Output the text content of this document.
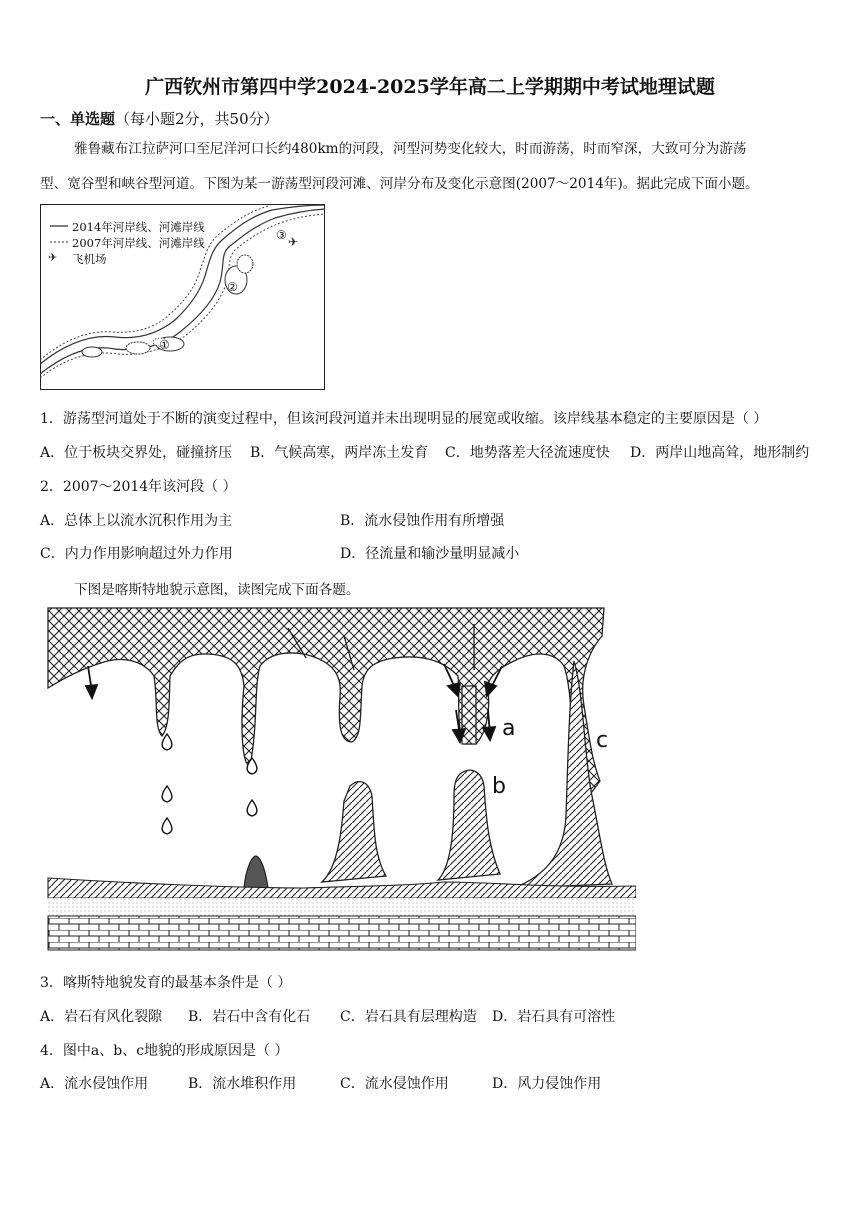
广西钦州市第四中学2024-2025学年高二上学期期中考试地理试题
一、单选题（每小题2分，共50分）
雅鲁藏布江拉萨河口至尼洋河口长约480km的河段，河型河势变化较大，时而游荡，时而窄深，大致可分为游荡
型、宽谷型和峡谷型河道。下图为某一游荡型河段河滩、河岸分布及变化示意图(2007～2014年)。据此完成下面小题。
✈
✈
2014年河岸线、河滩岸线
2007年河岸线、河滩岸线
飞机场
①
②
③
1．游荡型河道处于不断的演变过程中，但该河段河道并未出现明显的展宽或收缩。该岸线基本稳定的主要原因是（ ）
A．位于板块交界处，碰撞挤压 B．气候高寒，两岸冻土发育 C．地势落差大径流速度快 D．两岸山地高耸，地形制约
2．2007～2014年该河段（ ）
A．总体上以流水沉积作用为主	B．流水侵蚀作用有所增强
C．内力作用影响超过外力作用	D．径流量和输沙量明显减小
下图是喀斯特地貌示意图，读图完成下面各题。
a
b
c
3．喀斯特地貌发育的最基本条件是（ ）
A．岩石有风化裂隙 B．岩石中含有化石 C．岩石具有层理构造 D．岩石具有可溶性
4．图中a、b、c地貌的形成原因是（ ）
A．流水侵蚀作用	B．流水堆积作用	C．流水侵蚀作用	D．风力侵蚀作用
